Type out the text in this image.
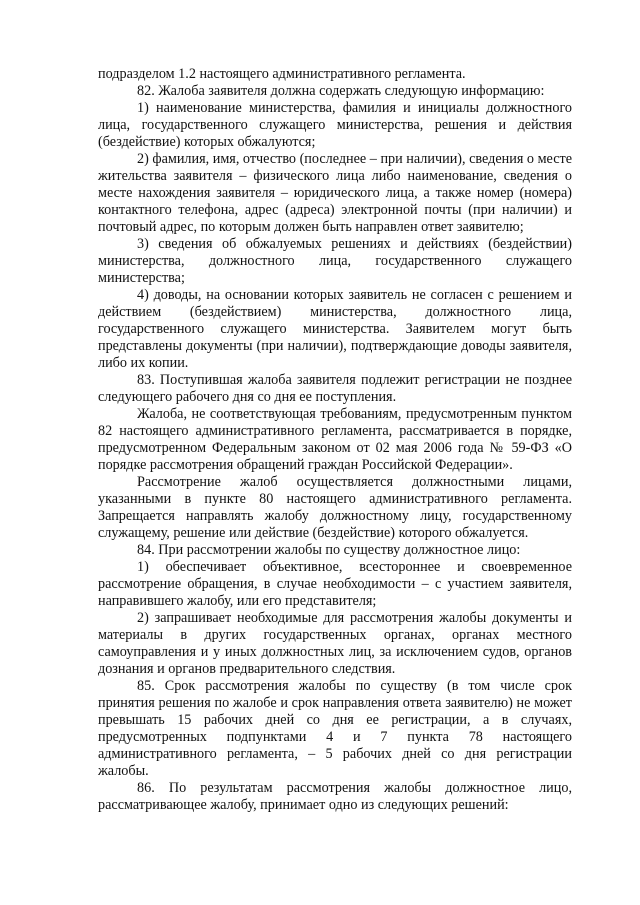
подразделом 1.2 настоящего административного регламента.

82. Жалоба заявителя должна содержать следующую информацию:

1) наименование министерства, фамилия и инициалы должностного лица, государственного служащего министерства, решения и действия (бездействие) которых обжалуются;

2) фамилия, имя, отчество (последнее – при наличии), сведения о месте жительства заявителя – физического лица либо наименование, сведения о месте нахождения заявителя – юридического лица, а также номер (номера) контактного телефона, адрес (адреса) электронной почты (при наличии) и почтовый адрес, по которым должен быть направлен ответ заявителю;

3) сведения об обжалуемых решениях и действиях (бездействии) министерства, должностного лица, государственного служащего министерства;

4) доводы, на основании которых заявитель не согласен с решением и действием (бездействием) министерства, должностного лица, государственного служащего министерства. Заявителем могут быть представлены документы (при наличии), подтверждающие доводы заявителя, либо их копии.

83. Поступившая жалоба заявителя подлежит регистрации не позднее следующего рабочего дня со дня ее поступления.

Жалоба, не соответствующая требованиям, предусмотренным пунктом 82 настоящего административного регламента, рассматривается в порядке, предусмотренном Федеральным законом от 02 мая 2006 года № 59-ФЗ «О порядке рассмотрения обращений граждан Российской Федерации».

Рассмотрение жалоб осуществляется должностными лицами, указанными в пункте 80 настоящего административного регламента. Запрещается направлять жалобу должностному лицу, государственному служащему, решение или действие (бездействие) которого обжалуется.

84. При рассмотрении жалобы по существу должностное лицо:

1) обеспечивает объективное, всестороннее и своевременное рассмотрение обращения, в случае необходимости – с участием заявителя, направившего жалобу, или его представителя;

2) запрашивает необходимые для рассмотрения жалобы документы и материалы в других государственных органах, органах местного самоуправления и у иных должностных лиц, за исключением судов, органов дознания и органов предварительного следствия.

85. Срок рассмотрения жалобы по существу (в том числе срок принятия решения по жалобе и срок направления ответа заявителю) не может превышать 15 рабочих дней со дня ее регистрации, а в случаях, предусмотренных подпунктами 4 и 7 пункта 78 настоящего административного регламента, – 5 рабочих дней со дня регистрации жалобы.

86. По результатам рассмотрения жалобы должностное лицо, рассматривающее жалобу, принимает одно из следующих решений:
